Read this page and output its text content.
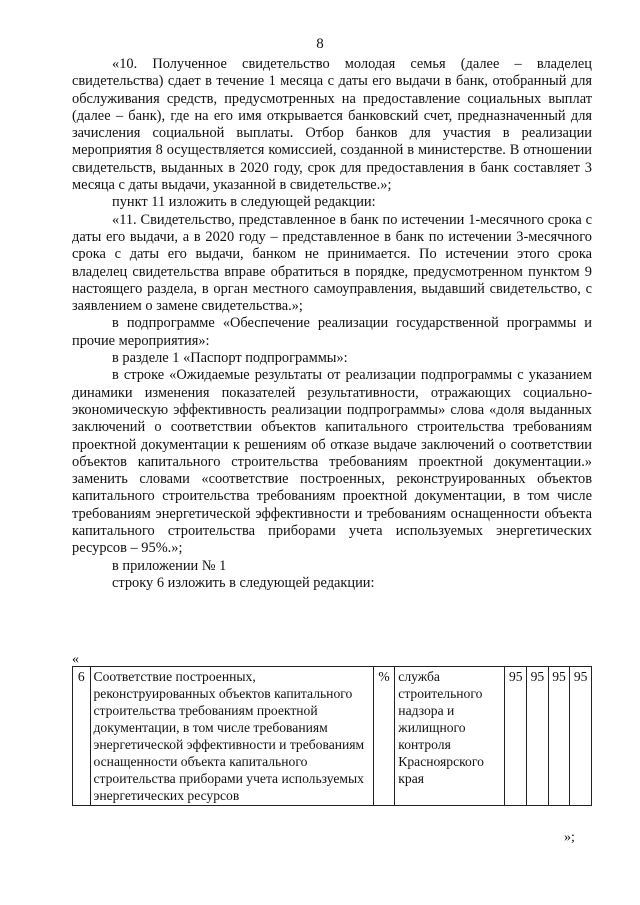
8

«10. Полученное свидетельство молодая семья (далее – владелец свидетельства) сдает в течение 1 месяца с даты его выдачи в банк, отобранный для обслуживания средств, предусмотренных на предоставление социальных выплат (далее – банк), где на его имя открывается банковский счет, предназначенный для зачисления социальной выплаты. Отбор банков для участия в реализации мероприятия 8 осуществляется комиссией, созданной в министерстве. В отношении свидетельств, выданных в 2020 году, срок для предоставления в банк составляет 3 месяца с даты выдачи, указанной в свидетельстве.»;

пункт 11 изложить в следующей редакции:

«11. Свидетельство, представленное в банк по истечении 1-месячного срока с даты его выдачи, а в 2020 году – представленное в банк по истечении 3-месячного срока с даты его выдачи, банком не принимается. По истечении этого срока владелец свидетельства вправе обратиться в порядке, предусмотренном пунктом 9 настоящего раздела, в орган местного самоуправления, выдавший свидетельство, с заявлением о замене свидетельства.»;

в подпрограмме «Обеспечение реализации государственной программы и прочие мероприятия»:

в разделе 1 «Паспорт подпрограммы»:

в строке «Ожидаемые результаты от реализации подпрограммы с указанием динамики изменения показателей результативности, отражающих социально-экономическую эффективность реализации подпрограммы» слова «доля выданных заключений о соответствии объектов капитального строительства требованиям проектной документации к решениям об отказе выдаче заключений о соответствии объектов капитального строительства требованиям проектной документации.» заменить словами «соответствие построенных, реконструированных объектов капитального строительства требованиям проектной документации, в том числе требованиям энергетической эффективности и требованиям оснащенности объекта капитального строительства приборами учета используемых энергетических ресурсов – 95%.»;

в приложении № 1

строку 6 изложить в следующей редакции:

«
6	Соответствие построенных, реконструированных объектов капитального строительства требованиям проектной документации, в том числе требованиям энергетической эффективности и требованиям оснащенности объекта капитального строительства приборами учета используемых энергетических ресурсов	%	служба строительного надзора и жилищного контроля Красноярского края	95	95	95	95
»;
